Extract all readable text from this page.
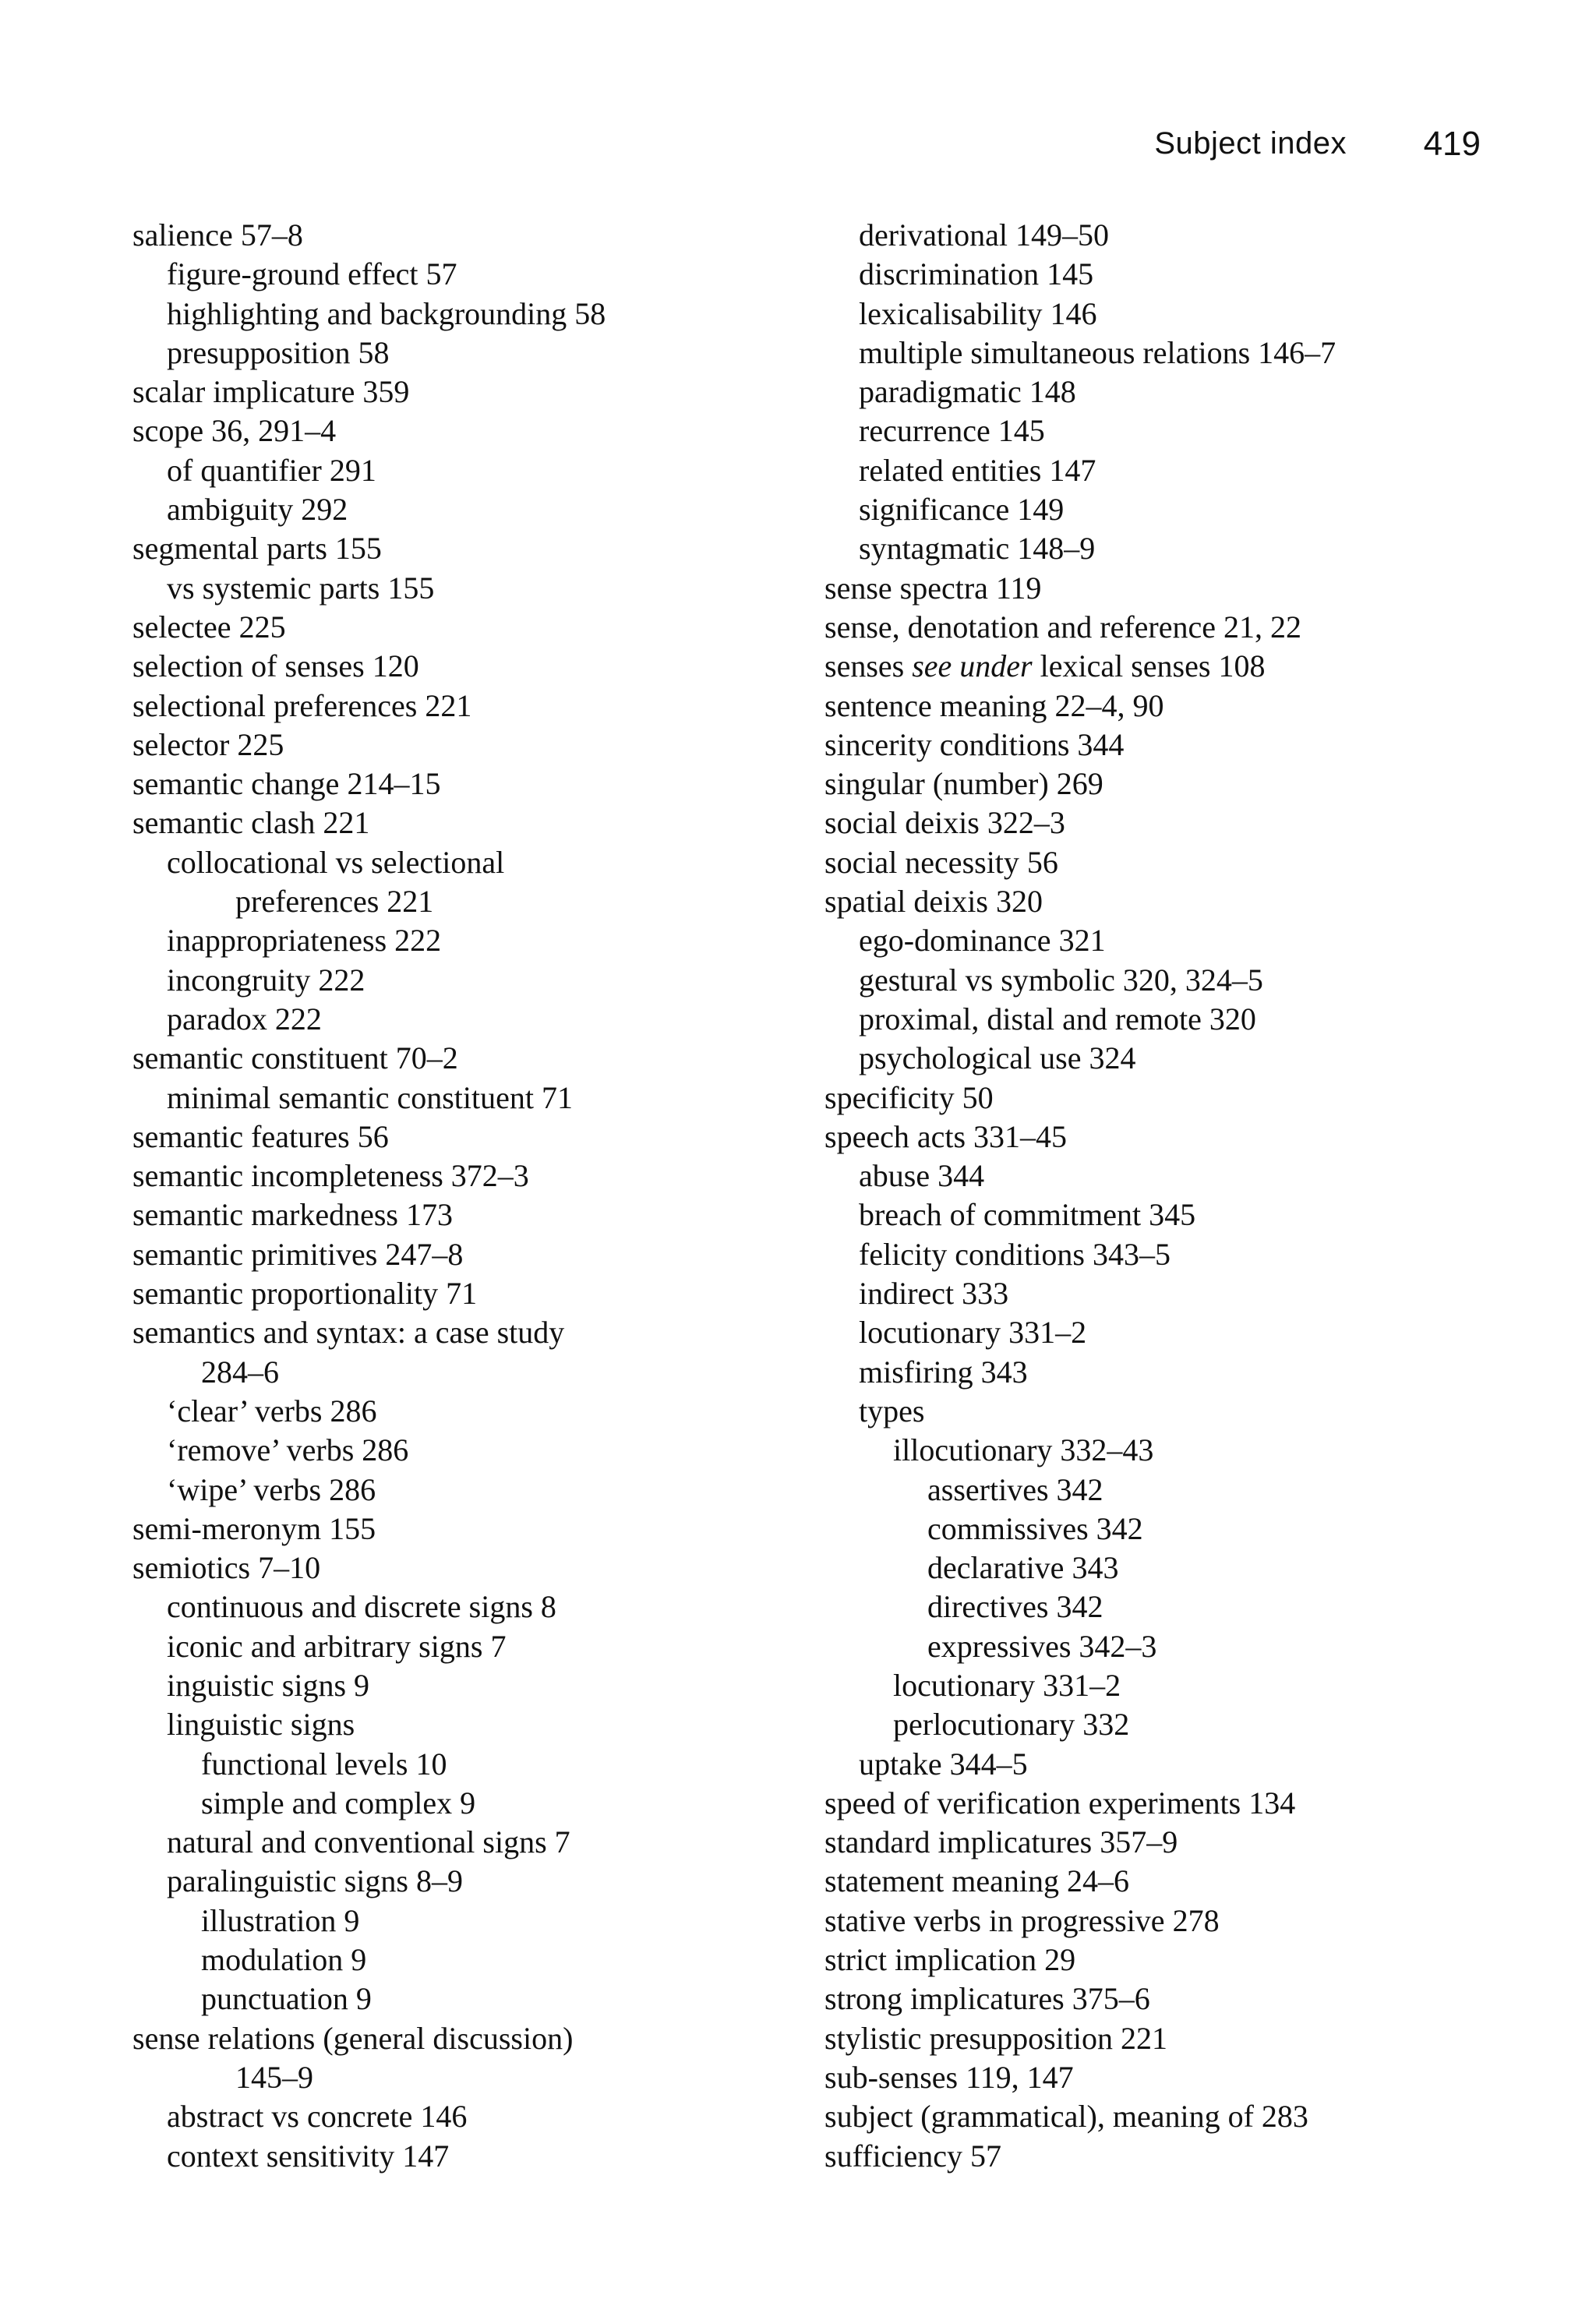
Subject index 419
salience 57–8
figure-ground effect 57
highlighting and backgrounding 58
presupposition 58
scalar implicature 359
scope 36, 291–4
of quantifier 291
ambiguity 292
segmental parts 155
vs systemic parts 155
selectee 225
selection of senses 120
selectional preferences 221
selector 225
semantic change 214–15
semantic clash 221
collocational vs selectional
preferences 221
inappropriateness 222
incongruity 222
paradox 222
semantic constituent 70–2
minimal semantic constituent 71
semantic features 56
semantic incompleteness 372–3
semantic markedness 173
semantic primitives 247–8
semantic proportionality 71
semantics and syntax: a case study
284–6
‘clear’ verbs 286
‘remove’ verbs 286
‘wipe’ verbs 286
semi-meronym 155
semiotics 7–10
continuous and discrete signs 8
iconic and arbitrary signs 7
inguistic signs 9
linguistic signs
functional levels 10
simple and complex 9
natural and conventional signs 7
paralinguistic signs 8–9
illustration 9
modulation 9
punctuation 9
sense relations (general discussion)
145–9
abstract vs concrete 146
context sensitivity 147
derivational 149–50
discrimination 145
lexicalisability 146
multiple simultaneous relations 146–7
paradigmatic 148
recurrence 145
related entities 147
significance 149
syntagmatic 148–9
sense spectra 119
sense, denotation and reference 21, 22
senses see under lexical senses 108
sentence meaning 22–4, 90
sincerity conditions 344
singular (number) 269
social deixis 322–3
social necessity 56
spatial deixis 320
ego-dominance 321
gestural vs symbolic 320, 324–5
proximal, distal and remote 320
psychological use 324
specificity 50
speech acts 331–45
abuse 344
breach of commitment 345
felicity conditions 343–5
indirect 333
locutionary 331–2
misfiring 343
types
illocutionary 332–43
assertives 342
commissives 342
declarative 343
directives 342
expressives 342–3
locutionary 331–2
perlocutionary 332
uptake 344–5
speed of verification experiments 134
standard implicatures 357–9
statement meaning 24–6
stative verbs in progressive 278
strict implication 29
strong implicatures 375–6
stylistic presupposition 221
sub-senses 119, 147
subject (grammatical), meaning of 283
sufficiency 57
